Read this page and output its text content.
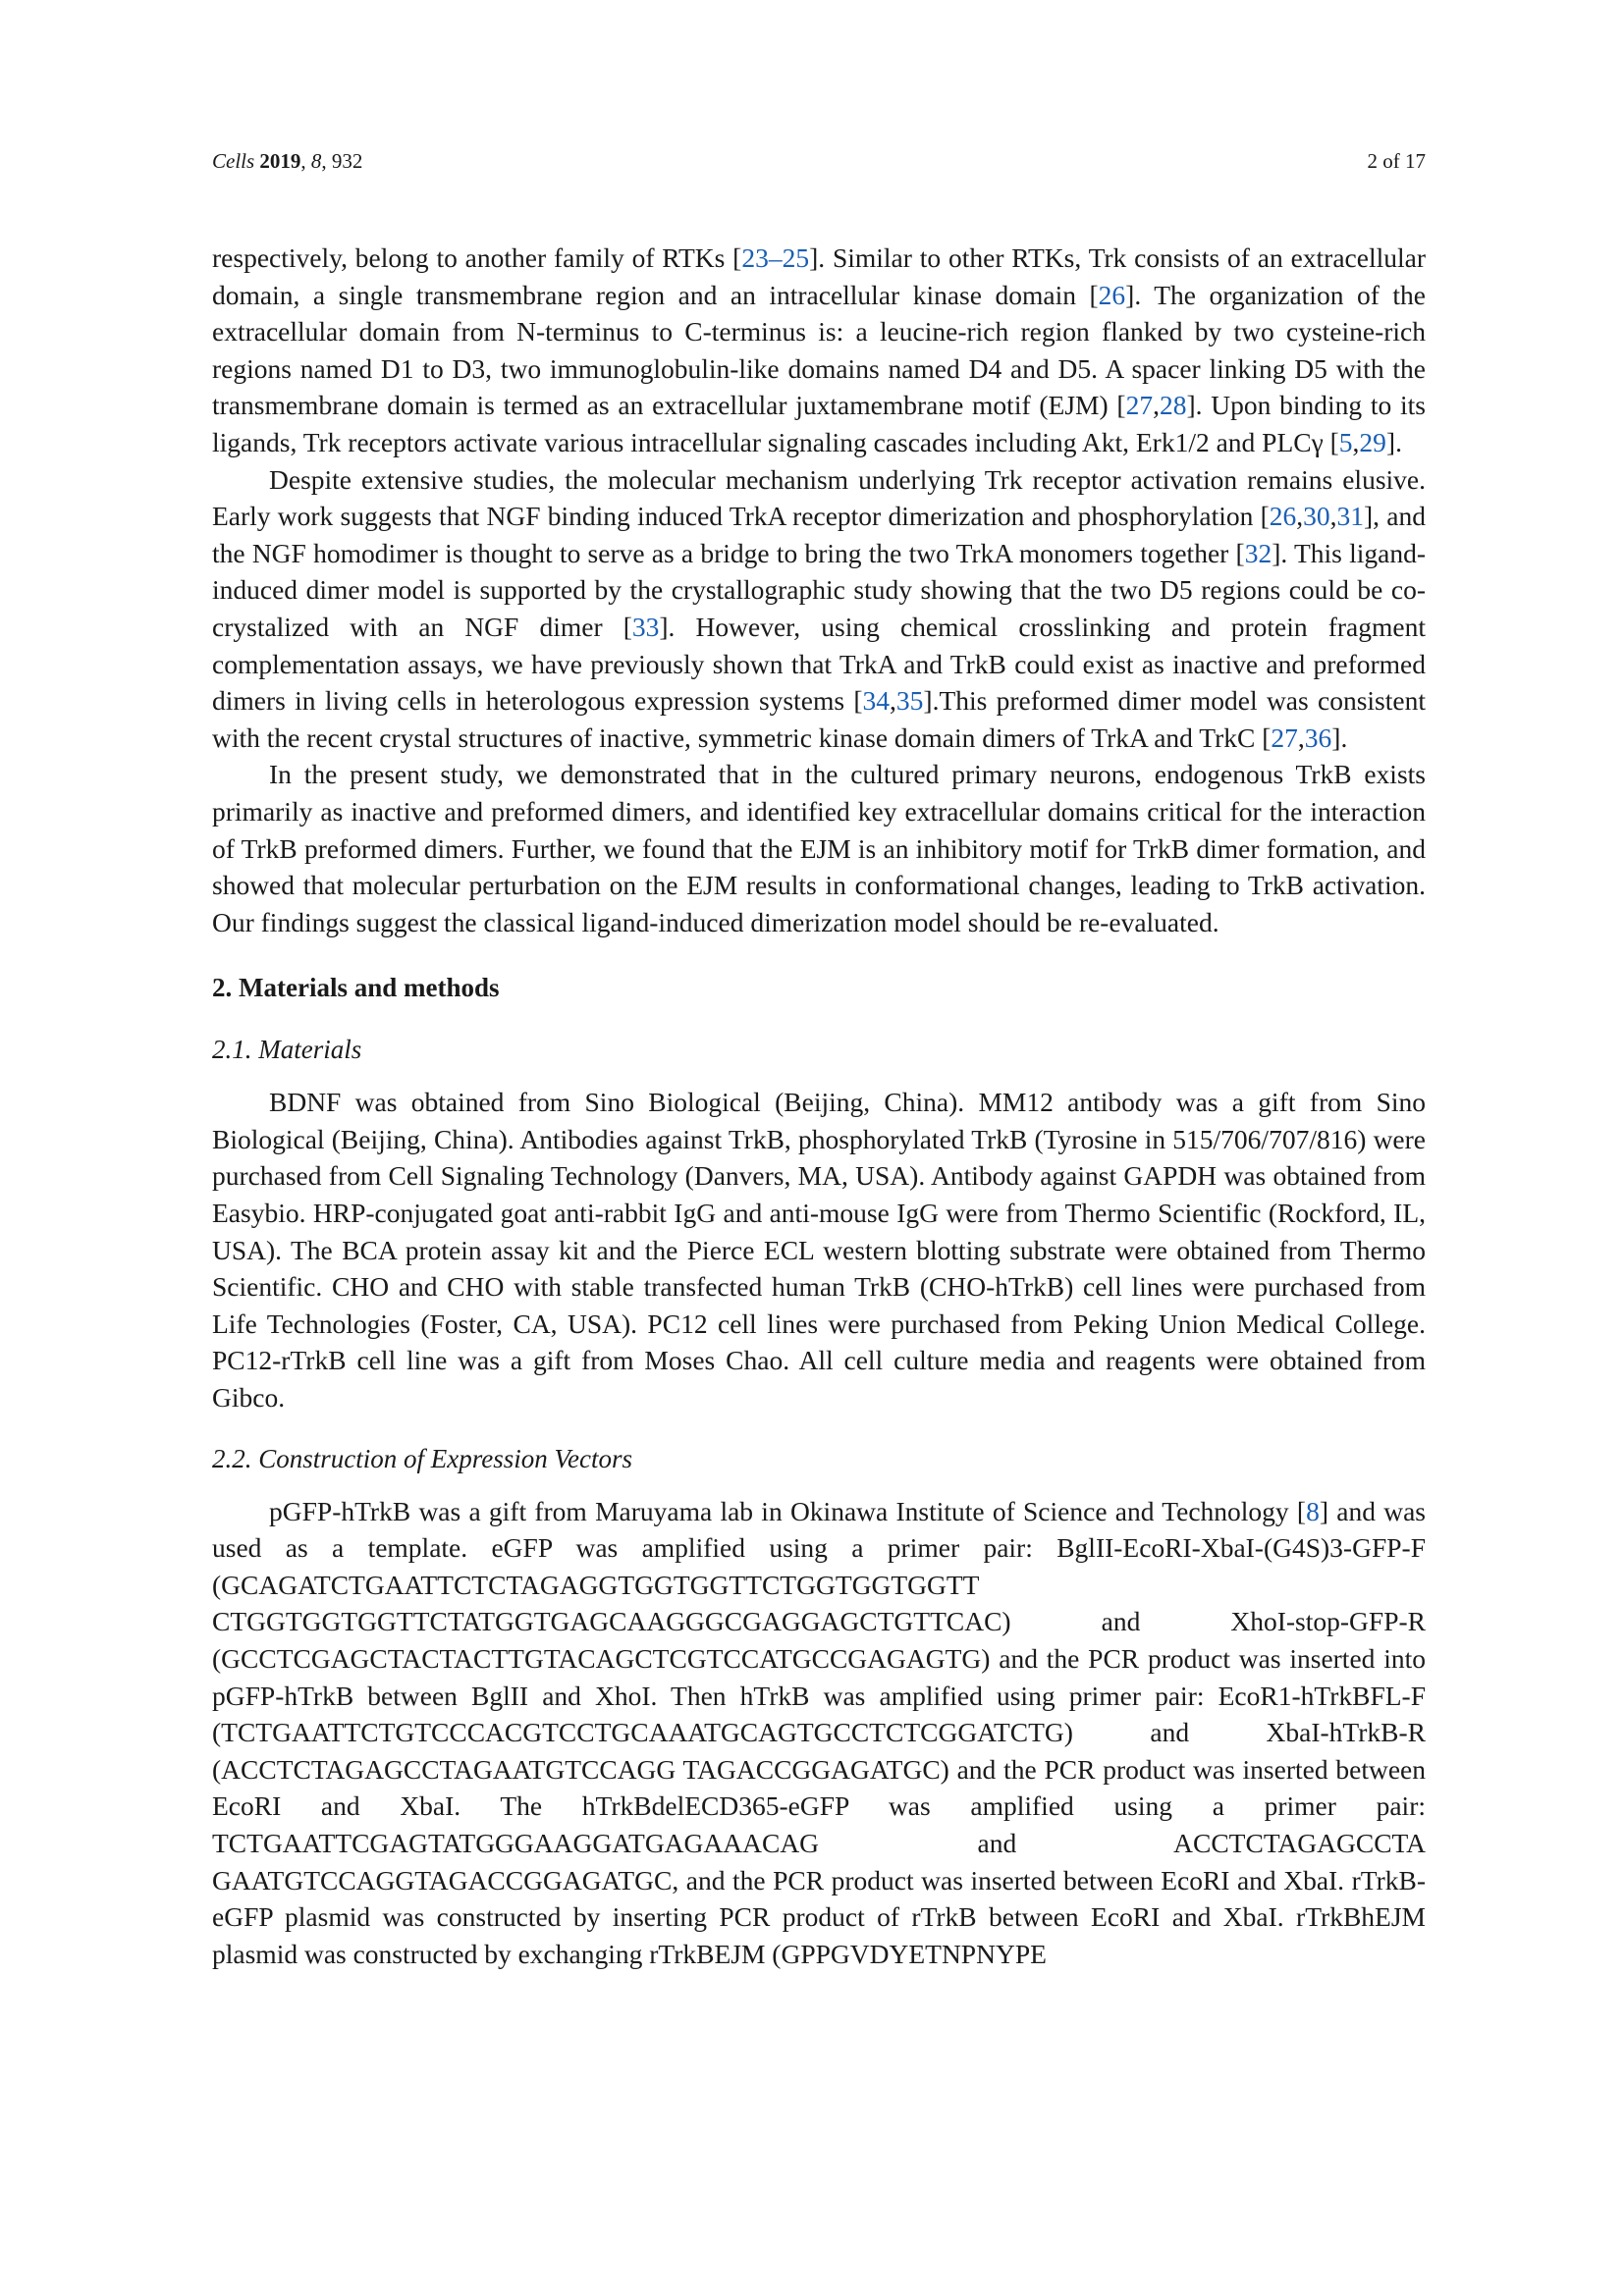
Cells 2019, 8, 932	2 of 17

respectively, belong to another family of RTKs [23–25]. Similar to other RTKs, Trk consists of an extracellular domain, a single transmembrane region and an intracellular kinase domain [26]. The organization of the extracellular domain from N-terminus to C-terminus is: a leucine-rich region flanked by two cysteine-rich regions named D1 to D3, two immunoglobulin-like domains named D4 and D5. A spacer linking D5 with the transmembrane domain is termed as an extracellular juxtamembrane motif (EJM) [27,28]. Upon binding to its ligands, Trk receptors activate various intracellular signaling cascades including Akt, Erk1/2 and PLCγ [5,29].

Despite extensive studies, the molecular mechanism underlying Trk receptor activation remains elusive. Early work suggests that NGF binding induced TrkA receptor dimerization and phosphorylation [26,30,31], and the NGF homodimer is thought to serve as a bridge to bring the two TrkA monomers together [32]. This ligand-induced dimer model is supported by the crystallographic study showing that the two D5 regions could be co-crystalized with an NGF dimer [33]. However, using chemical crosslinking and protein fragment complementation assays, we have previously shown that TrkA and TrkB could exist as inactive and preformed dimers in living cells in heterologous expression systems [34,35].This preformed dimer model was consistent with the recent crystal structures of inactive, symmetric kinase domain dimers of TrkA and TrkC [27,36].

In the present study, we demonstrated that in the cultured primary neurons, endogenous TrkB exists primarily as inactive and preformed dimers, and identified key extracellular domains critical for the interaction of TrkB preformed dimers. Further, we found that the EJM is an inhibitory motif for TrkB dimer formation, and showed that molecular perturbation on the EJM results in conformational changes, leading to TrkB activation. Our findings suggest the classical ligand-induced dimerization model should be re-evaluated.

2. Materials and methods
2.1. Materials

BDNF was obtained from Sino Biological (Beijing, China). MM12 antibody was a gift from Sino Biological (Beijing, China). Antibodies against TrkB, phosphorylated TrkB (Tyrosine in 515/706/707/816) were purchased from Cell Signaling Technology (Danvers, MA, USA). Antibody against GAPDH was obtained from Easybio. HRP-conjugated goat anti-rabbit IgG and anti-mouse IgG were from Thermo Scientific (Rockford, IL, USA). The BCA protein assay kit and the Pierce ECL western blotting substrate were obtained from Thermo Scientific. CHO and CHO with stable transfected human TrkB (CHO-hTrkB) cell lines were purchased from Life Technologies (Foster, CA, USA). PC12 cell lines were purchased from Peking Union Medical College. PC12-rTrkB cell line was a gift from Moses Chao. All cell culture media and reagents were obtained from Gibco.

2.2. Construction of Expression Vectors

pGFP-hTrkB was a gift from Maruyama lab in Okinawa Institute of Science and Technology [8] and was used as a template. eGFP was amplified using a primer pair: BglII-EcoRI-XbaI-(G4S)3-GFP-F (GCAGATCTGAATTCTCTAGAGGTGGTGGTTCTGGTGGTGGTT CTGGTGGTGGTTCTATGGTGAGCAAGGGCGAGGAGCTGTTCAC) and XhoI-stop-GFP-R (GCCTCGAGCTACTACTTGTACAGCTCGTCCATGCCGAGAGTG) and the PCR product was inserted into pGFP-hTrkB between BglII and XhoI. Then hTrkB was amplified using primer pair: EcoR1-hTrkBFL-F (TCTGAATTCTGTCCCACGTCCTGCAAATGCAGTGCCTCTCGGATCTG) and XbaI-hTrkB-R (ACCTCTAGAGCCTAGAATGTCCAGG TAGACCGGAGATGC) and the PCR product was inserted between EcoRI and XbaI. The hTrkBdelECD365-eGFP was amplified using a primer pair: TCTGAATTCGAGTATGGGAAGGATGAGAAACAG and ACCTCTAGAGCCTA GAATGTCCAGGTAGACCGGAGATGC, and the PCR product was inserted between EcoRI and XbaI. rTrkB-eGFP plasmid was constructed by inserting PCR product of rTrkB between EcoRI and XbaI. rTrkBhEJM plasmid was constructed by exchanging rTrkBEJM (GPPGVDYETNPNYPE
